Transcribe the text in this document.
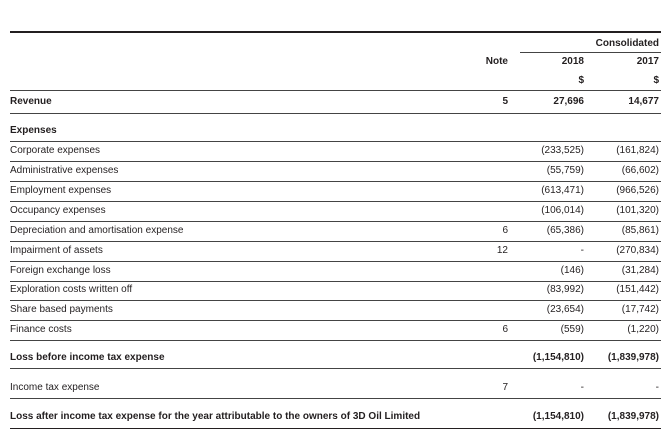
Consolidated
Note	2018	2017
$	$
Revenue	5	27,696	14,677
Expenses
Corporate expenses	(233,525)	(161,824)
Administrative expenses	(55,759)	(66,602)
Employment expenses	(613,471)	(966,526)
Occupancy expenses	(106,014)	(101,320)
Depreciation and amortisation expense	6	(65,386)	(85,861)
Impairment of assets	12	-	(270,834)
Foreign exchange loss	(146)	(31,284)
Exploration costs written off	(83,992)	(151,442)
Share based payments	(23,654)	(17,742)
Finance costs	6	(559)	(1,220)
Loss before income tax expense	(1,154,810)	(1,839,978)
Income tax expense	7	-	-
Loss after income tax expense for the year attributable to the owners of 3D Oil Limited	(1,154,810)	(1,839,978)
